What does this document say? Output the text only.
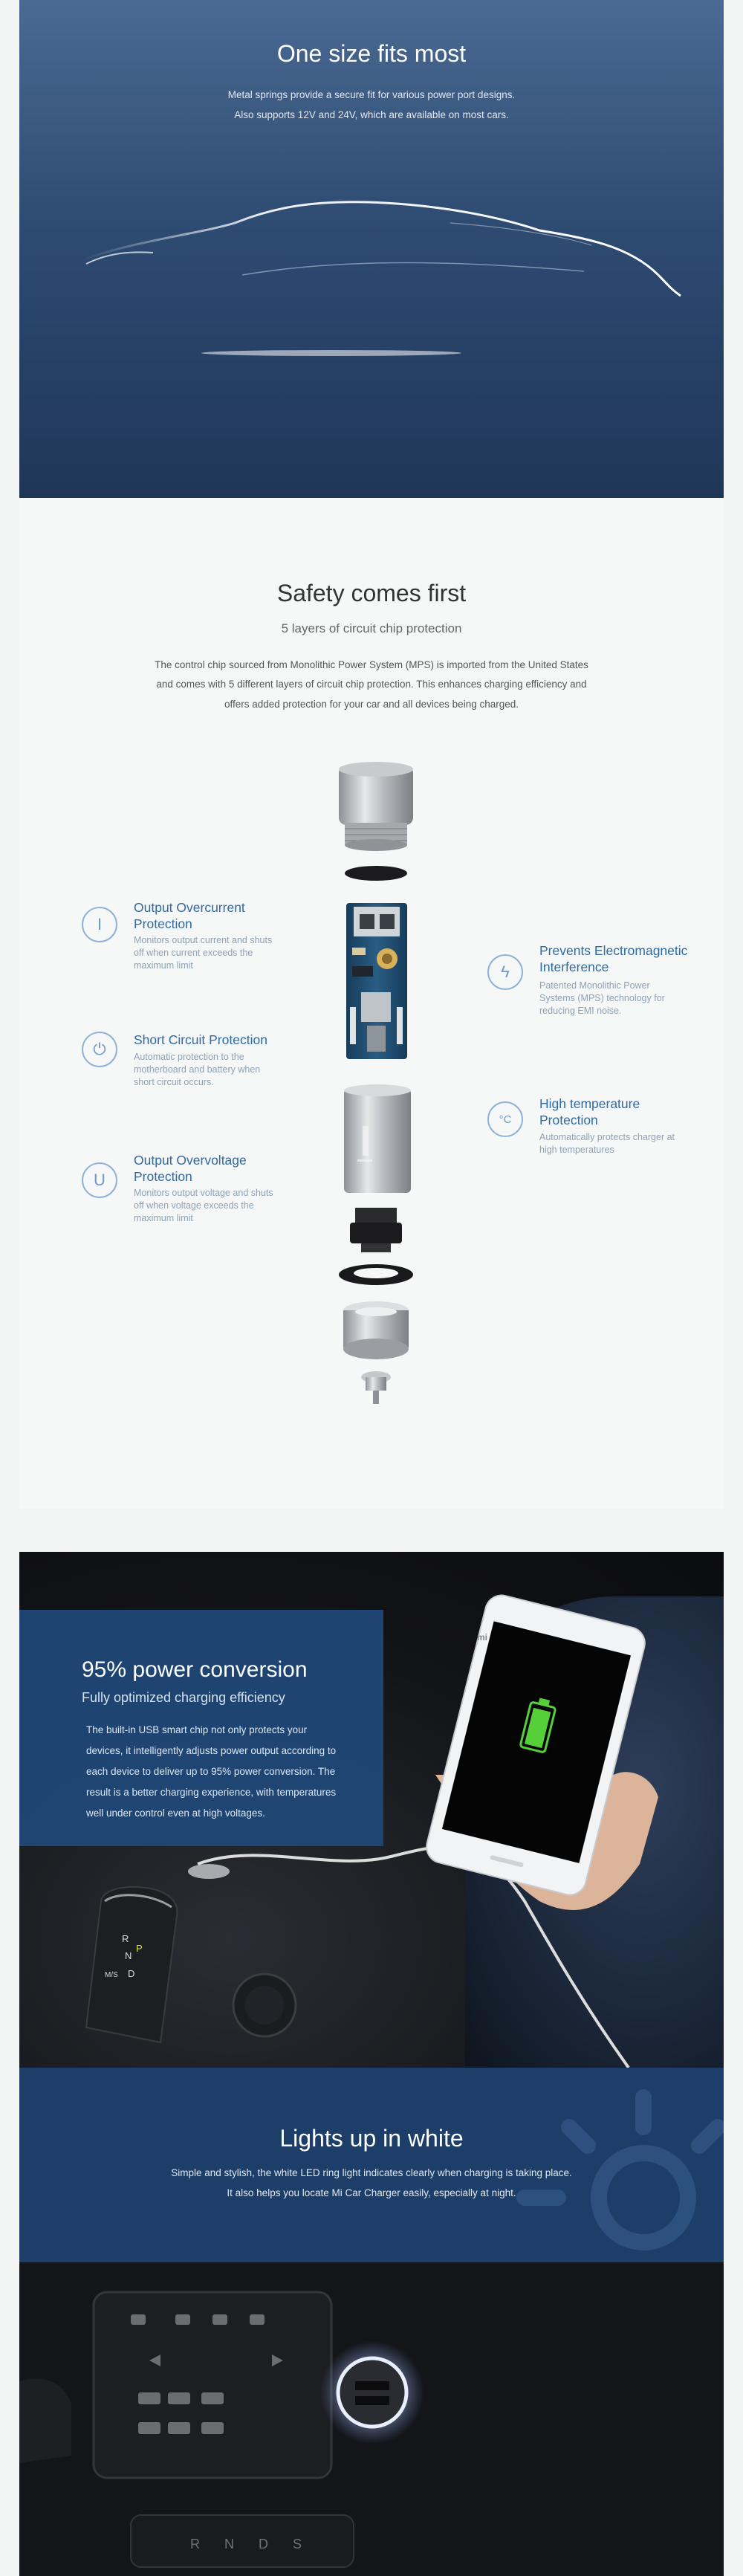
One size fits most
Metal springs provide a secure fit for various power port designs.
Also supports 12V and 24V, which are available on most cars.
Safety comes first
5 layers of circuit chip protection
The control chip sourced from Monolithic Power System (MPS) is imported from the United States
and comes with 5 different layers of circuit chip protection. This enhances charging efficiency and
offers added protection for your car and all devices being charged.
I
Output Overcurrent Protection
Monitors output current and shuts off when current exceeds the maximum limit
⏻	Short Circuit Protection
Automatic protection to the motherboard and battery when short circuit occurs.
U
Output Overvoltage Protection
Monitors output voltage and shuts off when voltage exceeds the maximum limit
ϟ
Prevents Electromagnetic Interference
Patented Monolithic Power Systems (MPS) technology for reducing EMI noise.
°C
High temperature Protection
Automatically protects charger at high temperatures
R
N
D
M/S
P
mi
95% power conversion
Fully optimized charging efficiency
The built-in USB smart chip not only protects your
devices, it intelligently adjusts power output according to
each device to deliver up to 95% power conversion. The
result is a better charging experience, with temperatures
well under control even at high voltages.
Lights up in white
Simple and stylish, the white LED ring light indicates clearly when charging is taking place.
It also helps you locate Mi Car Charger easily, especially at night.
R N D S
